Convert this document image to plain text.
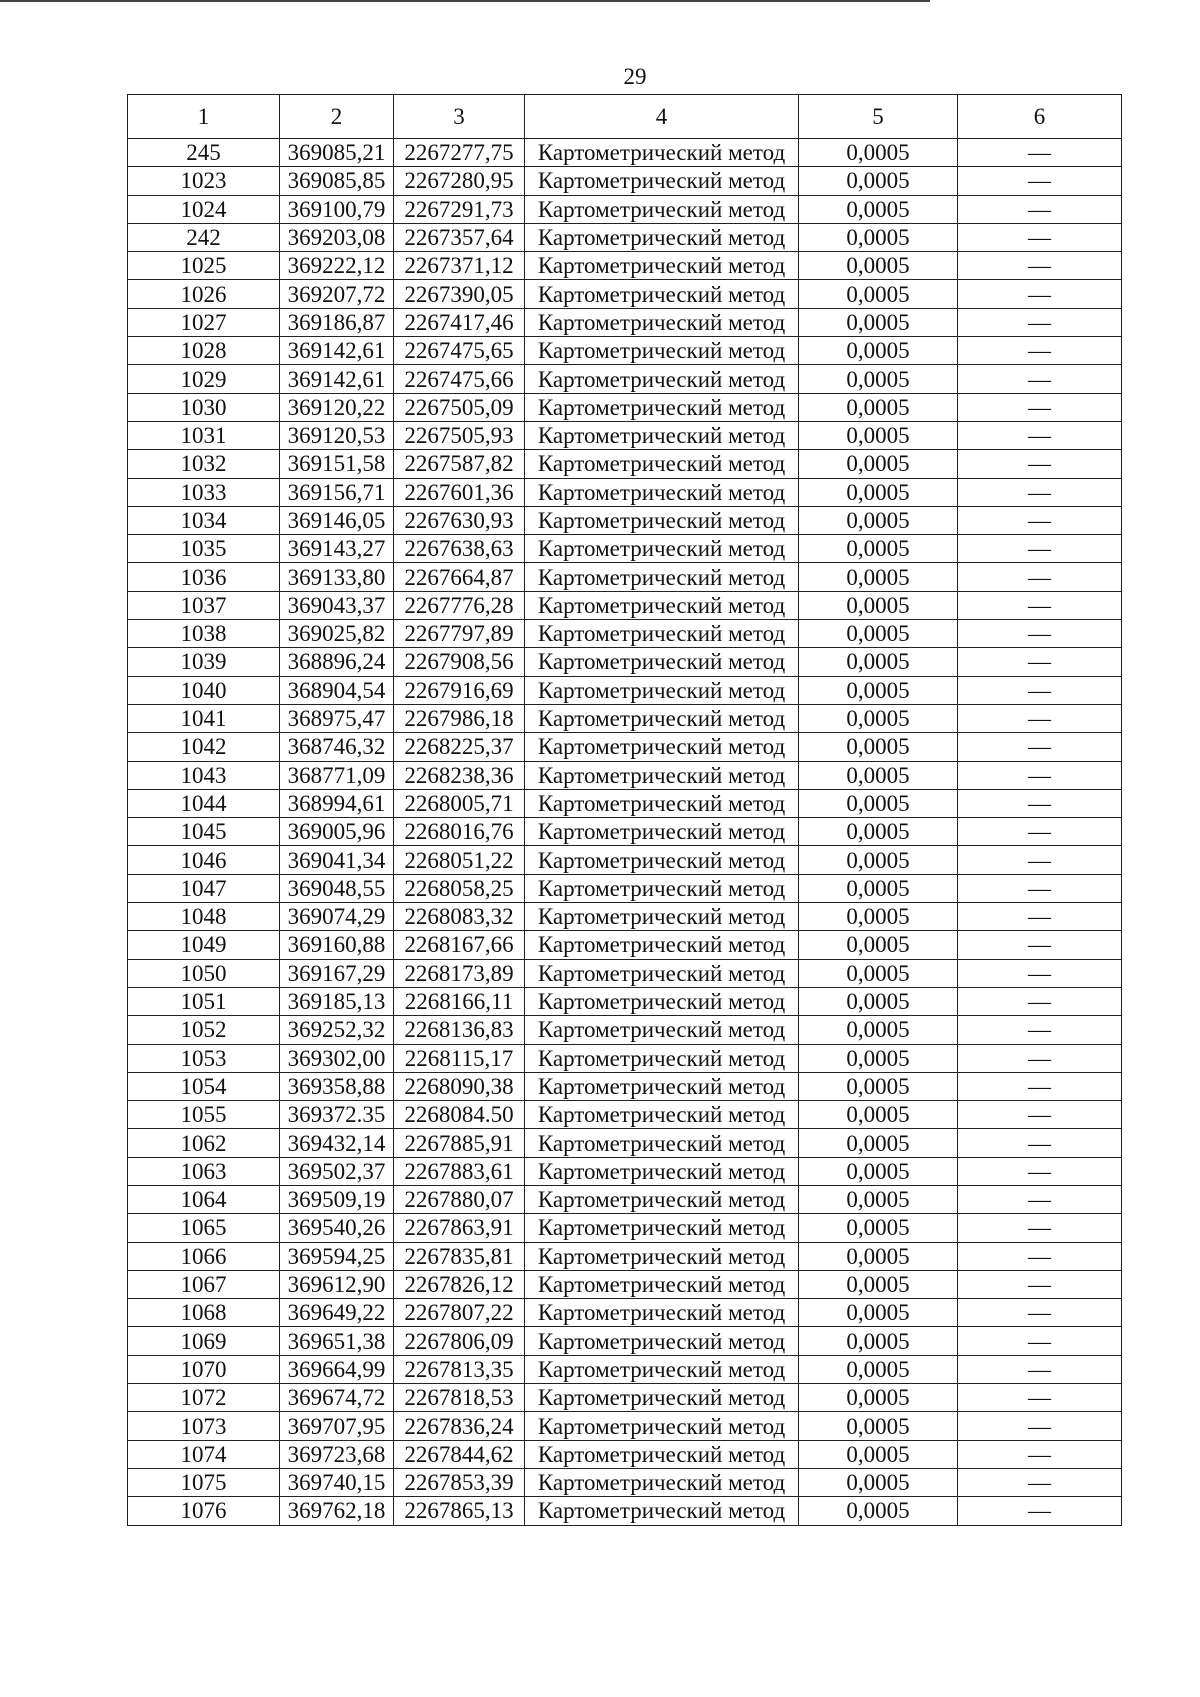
29
1	2	3	4	5	6
245	369085,21	2267277,75	Картометрический метод	0,0005	—
1023	369085,85	2267280,95	Картометрический метод	0,0005	—
1024	369100,79	2267291,73	Картометрический метод	0,0005	—
242	369203,08	2267357,64	Картометрический метод	0,0005	—
1025	369222,12	2267371,12	Картометрический метод	0,0005	—
1026	369207,72	2267390,05	Картометрический метод	0,0005	—
1027	369186,87	2267417,46	Картометрический метод	0,0005	—
1028	369142,61	2267475,65	Картометрический метод	0,0005	—
1029	369142,61	2267475,66	Картометрический метод	0,0005	—
1030	369120,22	2267505,09	Картометрический метод	0,0005	—
1031	369120,53	2267505,93	Картометрический метод	0,0005	—
1032	369151,58	2267587,82	Картометрический метод	0,0005	—
1033	369156,71	2267601,36	Картометрический метод	0,0005	—
1034	369146,05	2267630,93	Картометрический метод	0,0005	—
1035	369143,27	2267638,63	Картометрический метод	0,0005	—
1036	369133,80	2267664,87	Картометрический метод	0,0005	—
1037	369043,37	2267776,28	Картометрический метод	0,0005	—
1038	369025,82	2267797,89	Картометрический метод	0,0005	—
1039	368896,24	2267908,56	Картометрический метод	0,0005	—
1040	368904,54	2267916,69	Картометрический метод	0,0005	—
1041	368975,47	2267986,18	Картометрический метод	0,0005	—
1042	368746,32	2268225,37	Картометрический метод	0,0005	—
1043	368771,09	2268238,36	Картометрический метод	0,0005	—
1044	368994,61	2268005,71	Картометрический метод	0,0005	—
1045	369005,96	2268016,76	Картометрический метод	0,0005	—
1046	369041,34	2268051,22	Картометрический метод	0,0005	—
1047	369048,55	2268058,25	Картометрический метод	0,0005	—
1048	369074,29	2268083,32	Картометрический метод	0,0005	—
1049	369160,88	2268167,66	Картометрический метод	0,0005	—
1050	369167,29	2268173,89	Картометрический метод	0,0005	—
1051	369185,13	2268166,11	Картометрический метод	0,0005	—
1052	369252,32	2268136,83	Картометрический метод	0,0005	—
1053	369302,00	2268115,17	Картометрический метод	0,0005	—
1054	369358,88	2268090,38	Картометрический метод	0,0005	—
1055	369372.35	2268084.50	Картометрический метод	0,0005	—
1062	369432,14	2267885,91	Картометрический метод	0,0005	—
1063	369502,37	2267883,61	Картометрический метод	0,0005	—
1064	369509,19	2267880,07	Картометрический метод	0,0005	—
1065	369540,26	2267863,91	Картометрический метод	0,0005	—
1066	369594,25	2267835,81	Картометрический метод	0,0005	—
1067	369612,90	2267826,12	Картометрический метод	0,0005	—
1068	369649,22	2267807,22	Картометрический метод	0,0005	—
1069	369651,38	2267806,09	Картометрический метод	0,0005	—
1070	369664,99	2267813,35	Картометрический метод	0,0005	—
1072	369674,72	2267818,53	Картометрический метод	0,0005	—
1073	369707,95	2267836,24	Картометрический метод	0,0005	—
1074	369723,68	2267844,62	Картометрический метод	0,0005	—
1075	369740,15	2267853,39	Картометрический метод	0,0005	—
1076	369762,18	2267865,13	Картометрический метод	0,0005	—
